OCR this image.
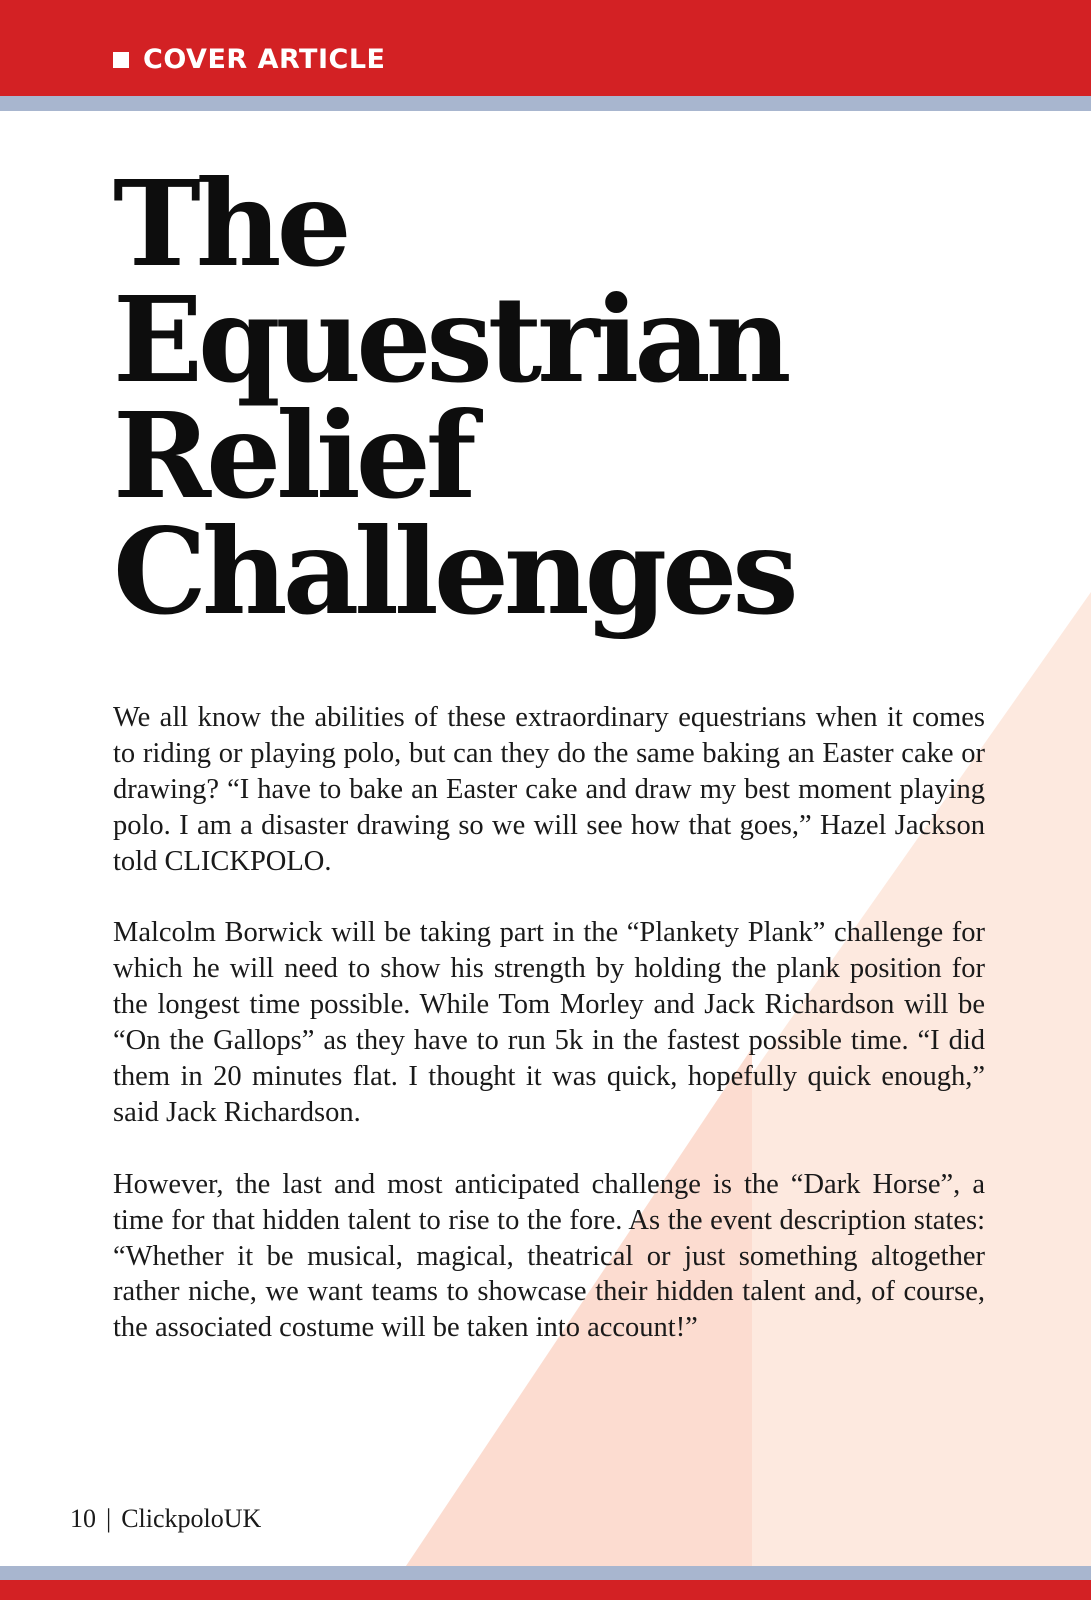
COVER ARTICLE
The
Equestrian
Relief
Challenges

We all know the abilities of these extraordinary equestrians when it comes to riding or playing polo, but can they do the same baking an Easter cake or drawing? “I have to bake an Easter cake and draw my best moment playing polo. I am a disaster drawing so we will see how that goes,” Hazel Jackson told CLICKPOLO.

Malcolm Borwick will be taking part in the “Plankety Plank” challenge for which he will need to show his strength by holding the plank position for the longest time possible. While Tom Morley and Jack Richardson will be “On the Gallops” as they have to run 5k in the fastest possible time. “I did them in 20 minutes flat. I thought it was quick, hopefully quick enough,” said Jack Richardson.

However, the last and most anticipated challenge is the “Dark Horse”, a time for that hidden talent to rise to the fore. As the event description states: “Whether it be musical, magical, theatrical or just something altogether rather niche, we want teams to showcase their hidden talent and, of course, the associated costume will be taken into account!”

10 | ClickpoloUK
